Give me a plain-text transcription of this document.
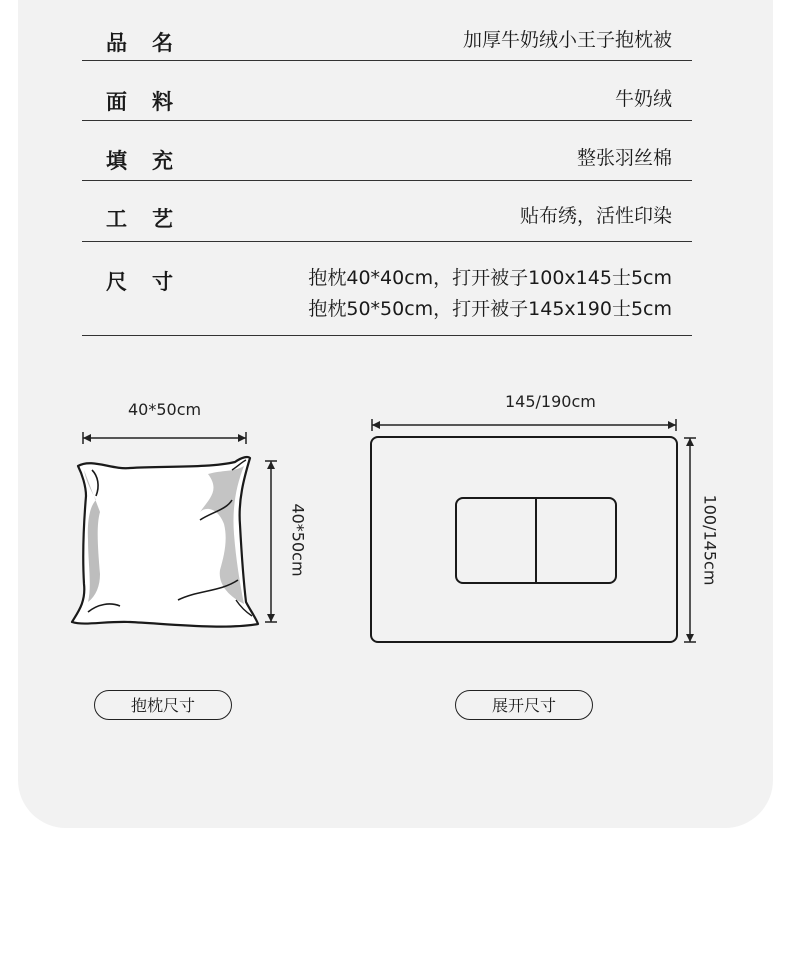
品名	加厚牛奶绒小王子抱枕被
面料	牛奶绒
填充	整张羽丝棉
工艺	贴布绣，活性印染
尺寸	抱枕40*40cm，打开被子100x145士5cm
抱枕50*50cm，打开被子145x190士5cm
40*50cm
40*50cm
抱枕尺寸
145/190cm
100/145cm
展开尺寸
